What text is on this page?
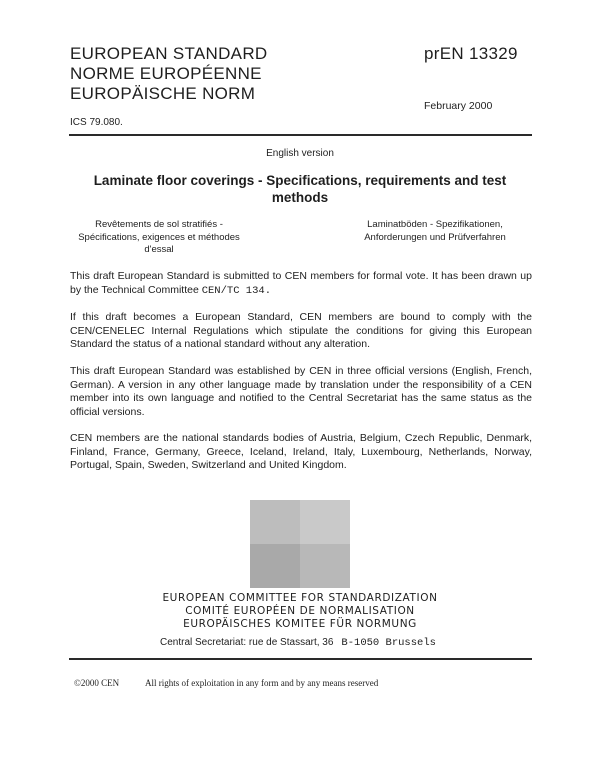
EUROPEAN STANDARD
NORME EUROPÉENNE
EUROPÄISCHE NORM
prEN 13329
February 2000
ICS 79.080.
English version
Laminate floor coverings - Specifications, requirements and test methods
Revêtements de sol stratifiés - Spécifications, exigences et méthodes d'essal
Laminatböden - Spezifikationen, Anforderungen und Prüfverfahren
This draft European Standard is submitted to CEN members for formal vote. It has been drawn up by the Technical Committee CEN/TC 134.
If this draft becomes a European Standard, CEN members are bound to comply with the CEN/CENELEC Internal Regulations which stipulate the conditions for giving this European Standard the status of a national standard without any alteration.
This draft European Standard was established by CEN in three official versions (English, French, German). A version in any other language made by translation under the responsibility of a CEN member into its own language and notified to the Central Secretariat has the same status as the official versions.
CEN members are the national standards bodies of Austria, Belgium, Czech Republic, Denmark, Finland, France, Germany, Greece, Iceland, Ireland, Italy, Luxembourg, Netherlands, Norway, Portugal, Spain, Sweden, Switzerland and United Kingdom.
EUROPEAN COMMITTEE FOR STANDARDIZATION
COMITÉ EUROPÉEN DE NORMALISATION
EUROPÄISCHES KOMITEE FÜR NORMUNG
Central Secretariat: rue de Stassart, 36 B-1050 Brussels
©2000 CEN	All rights of exploitation in any form and by any means reserved
